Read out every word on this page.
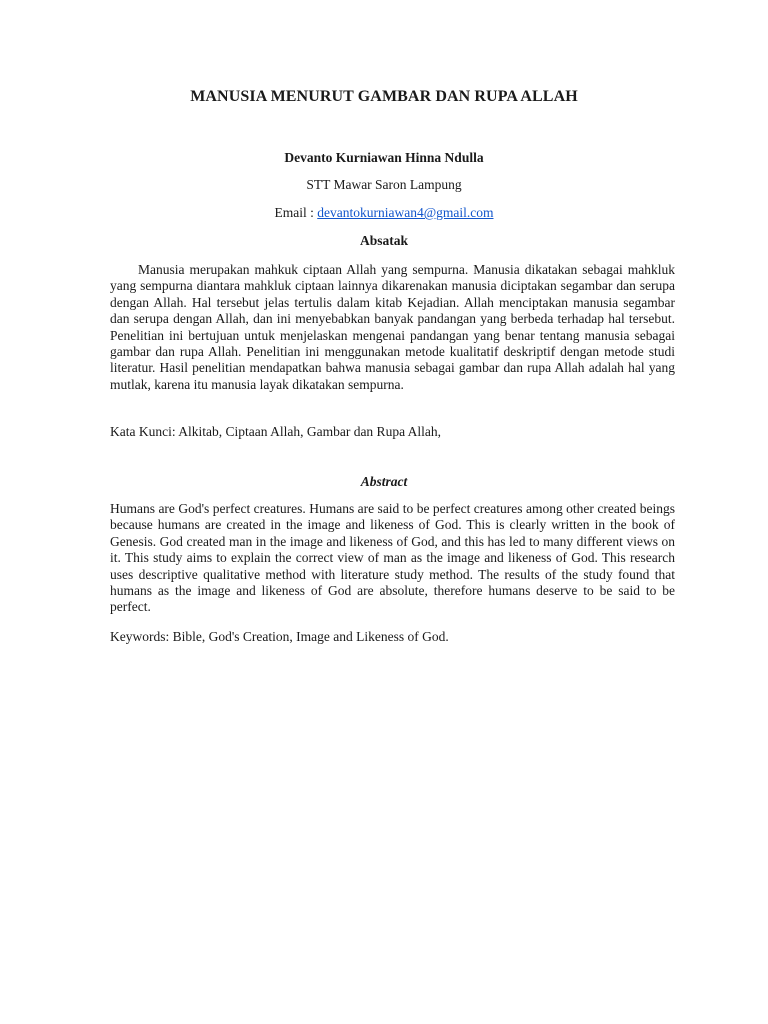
MANUSIA MENURUT GAMBAR DAN RUPA ALLAH
Devanto Kurniawan Hinna Ndulla
STT Mawar Saron Lampung
Email : devantokurniawan4@gmail.com
Absatak
Manusia merupakan mahkuk ciptaan Allah yang sempurna. Manusia dikatakan sebagai mahkluk yang sempurna diantara mahkluk ciptaan lainnya dikarenakan manusia diciptakan segambar dan serupa dengan Allah. Hal tersebut jelas tertulis dalam kitab Kejadian. Allah menciptakan manusia segambar dan serupa dengan Allah, dan ini menyebabkan banyak pandangan yang berbeda terhadap hal tersebut. Penelitian ini bertujuan untuk menjelaskan mengenai pandangan yang benar tentang manusia sebagai gambar dan rupa Allah. Penelitian ini menggunakan metode kualitatif deskriptif dengan metode studi literatur. Hasil penelitian mendapatkan bahwa manusia sebagai gambar dan rupa Allah adalah hal yang mutlak, karena itu manusia layak dikatakan sempurna.
Kata Kunci: Alkitab, Ciptaan Allah, Gambar dan Rupa Allah,
Abstract
Humans are God's perfect creatures. Humans are said to be perfect creatures among other created beings because humans are created in the image and likeness of God. This is clearly written in the book of Genesis. God created man in the image and likeness of God, and this has led to many different views on it. This study aims to explain the correct view of man as the image and likeness of God. This research uses descriptive qualitative method with literature study method. The results of the study found that humans as the image and likeness of God are absolute, therefore humans deserve to be said to be perfect.
Keywords: Bible, God's Creation, Image and Likeness of God.
